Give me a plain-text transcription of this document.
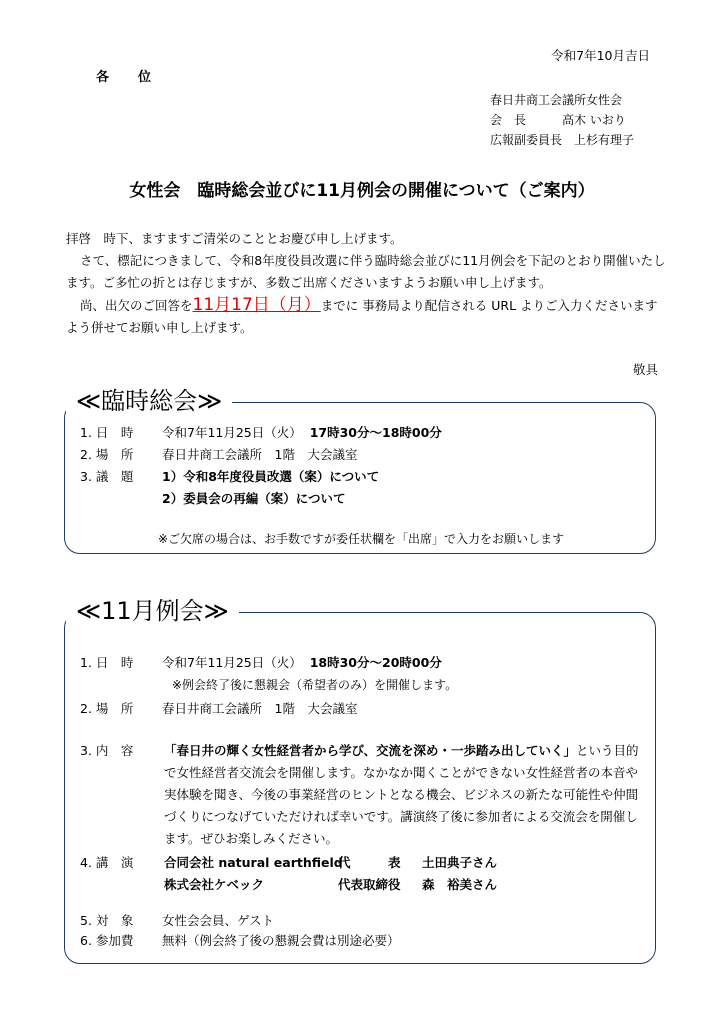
令和7年10月吉日
各　　位
春日井商工会議所女性会
会　長　　　高木 いおり
広報副委員長　上杉有理子
女性会　臨時総会並びに11月例会の開催について（ご案内）

拝啓　時下、ますますご清栄のこととお慶び申し上げます。

さて、標記につきまして、令和8年度役員改選に伴う臨時総会並びに11月例会を下記のとおり開催いたします。ご多忙の折とは存じますが、多数ご出席くださいますようお願い申し上げます。

尚、出欠のご回答を11月17日（月）までに 事務局より配信される URL よりご入力くださいますよう併せてお願い申し上げます。

敬具
≪臨時総会≫
1. 日　時 令和7年11月25日（火） 17時30分～18時00分
2. 場　所 春日井商工会議所　1階　大会議室
3. 議　題 1）令和8年度役員改選（案）について
2）委員会の再編（案）について
※ご欠席の場合は、お手数ですが委任状欄を「出席」で入力をお願いします
≪11月例会≫
1. 日　時 令和7年11月25日（火） 18時30分～20時00分
※例会終了後に懇親会（希望者のみ）を開催します。
2. 場　所 春日井商工会議所　1階　大会議室
3. 内　容 「春日井の輝く女性経営者から学び、交流を深め・一歩踏み出していく」という目的で女性経営者交流会を開催します。なかなか聞くことができない女性経営者の本音や実体験を聞き、今後の事業経営のヒントとなる機会、ビジネスの新たな可能性や仲間づくりにつなげていただければ幸いです。講演終了後に参加者による交流会を開催します。ぜひお楽しみください。
4. 講　演 合同会社 natural earthfield
代　　　表 土田典子さん
株式会社ケベック	代表取締役 森　裕美さん
5. 対　象 女性会会員、ゲスト
6. 参加費 無料（例会終了後の懇親会費は別途必要）
